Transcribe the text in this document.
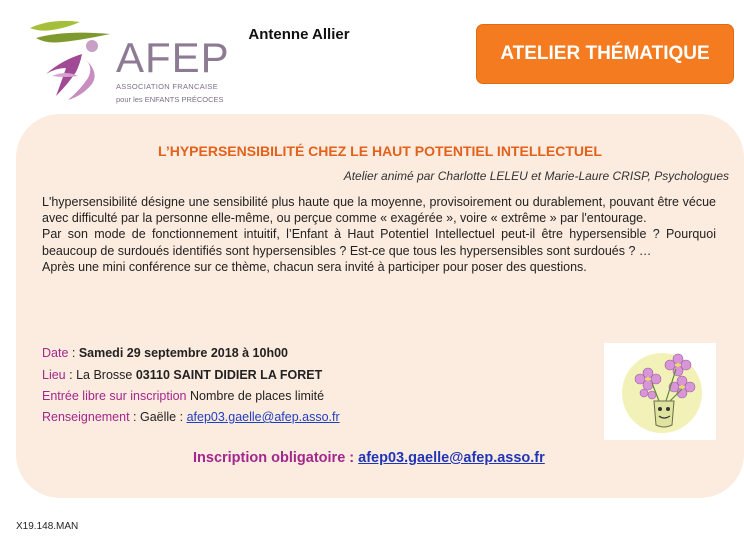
AFEP
ASSOCIATION FRANCAISE
pour les ENFANTS PRÉCOCES
Antenne Allier
ATELIER THÉMATIQUE
L’HYPERSENSIBILITÉ CHEZ LE HAUT POTENTIEL INTELLECTUEL
Atelier animé par Charlotte LELEU et Marie-Laure CRISP, Psychologues

L'hypersensibilité désigne une sensibilité plus haute que la moyenne, provisoirement ou durablement, pouvant être vécue avec difficulté par la personne elle-même, ou perçue comme « exagérée », voire « extrême » par l'entourage.

Par son mode de fonctionnement intuitif, l’Enfant à Haut Potentiel Intellectuel peut-il être hypersensible ? Pourquoi beaucoup de surdoués identifiés sont hypersensibles ? Est-ce que tous les hypersensibles sont surdoués ? …

Après une mini conférence sur ce thème, chacun sera invité à participer pour poser des questions.

Date : Samedi 29 septembre 2018 à 10h00
Lieu : La Brosse 03110 SAINT DIDIER LA FORET
Entrée libre sur inscription Nombre de places limité
Renseignement : Gaëlle : afep03.gaelle@afep.asso.fr
Inscription obligatoire : afep03.gaelle@afep.asso.fr
X19.148.MAN
